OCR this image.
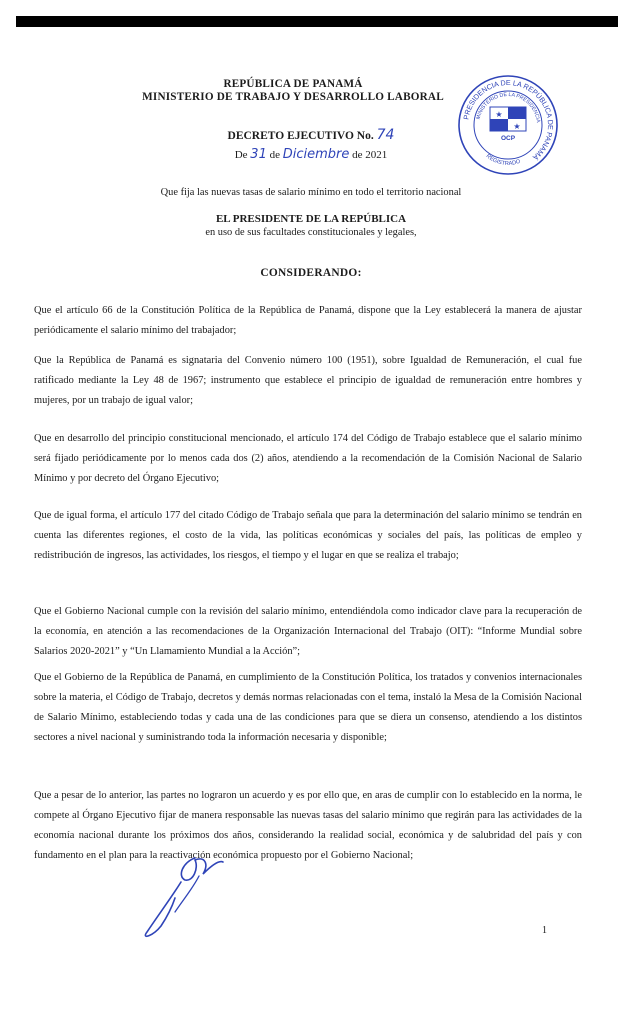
REPÚBLICA DE PANAMÁ
MINISTERIO DE TRABAJO Y DESARROLLO LABORAL
PRESIDENCIA DE LA REPÚBLICA DE PANAMÁ
MINISTERIO DE LA PRESIDENCIA
REGISTRADO
★
★
OCP
DECRETO EJECUTIVO No. 74
De 31 de Diciembre de 2021
Que fija las nuevas tasas de salario mínimo en todo el territorio nacional
EL PRESIDENTE DE LA REPÚBLICA
en uso de sus facultades constitucionales y legales,
CONSIDERANDO:

Que el artículo 66 de la Constitución Política de la República de Panamá, dispone que la Ley establecerá la manera de ajustar periódicamente el salario mínimo del trabajador;

Que la República de Panamá es signataria del Convenio número 100 (1951), sobre Igualdad de Remuneración, el cual fue ratificado mediante la Ley 48 de 1967; instrumento que establece el principio de igualdad de remuneración entre hombres y mujeres, por un trabajo de igual valor;

Que en desarrollo del principio constitucional mencionado, el artículo 174 del Código de Trabajo establece que el salario mínimo será fijado periódicamente por lo menos cada dos (2) años, atendiendo a la recomendación de la Comisión Nacional de Salario Mínimo y por decreto del Órgano Ejecutivo;

Que de igual forma, el artículo 177 del citado Código de Trabajo señala que para la determinación del salario mínimo se tendrán en cuenta las diferentes regiones, el costo de la vida, las políticas económicas y sociales del país, las políticas de empleo y redistribución de ingresos, las actividades, los riesgos, el tiempo y el lugar en que se realiza el trabajo;

Que el Gobierno Nacional cumple con la revisión del salario mínimo, entendiéndola como indicador clave para la recuperación de la economía, en atención a las recomendaciones de la Organización Internacional del Trabajo (OIT): “Informe Mundial sobre Salarios 2020-2021” y “Un Llamamiento Mundial a la Acción”;

Que el Gobierno de la República de Panamá, en cumplimiento de la Constitución Política, los tratados y convenios internacionales sobre la materia, el Código de Trabajo, decretos y demás normas relacionadas con el tema, instaló la Mesa de la Comisión Nacional de Salario Mínimo, estableciendo todas y cada una de las condiciones para que se diera un consenso, atendiendo a los distintos sectores a nivel nacional y suministrando toda la información necesaria y disponible;

Que a pesar de lo anterior, las partes no lograron un acuerdo y es por ello que, en aras de cumplir con lo establecido en la norma, le compete al Órgano Ejecutivo fijar de manera responsable las nuevas tasas del salario mínimo que regirán para las actividades de la economía nacional durante los próximos dos años, considerando la realidad social, económica y de salubridad del país y con fundamento en el plan para la reactivación económica propuesto por el Gobierno Nacional;

1
